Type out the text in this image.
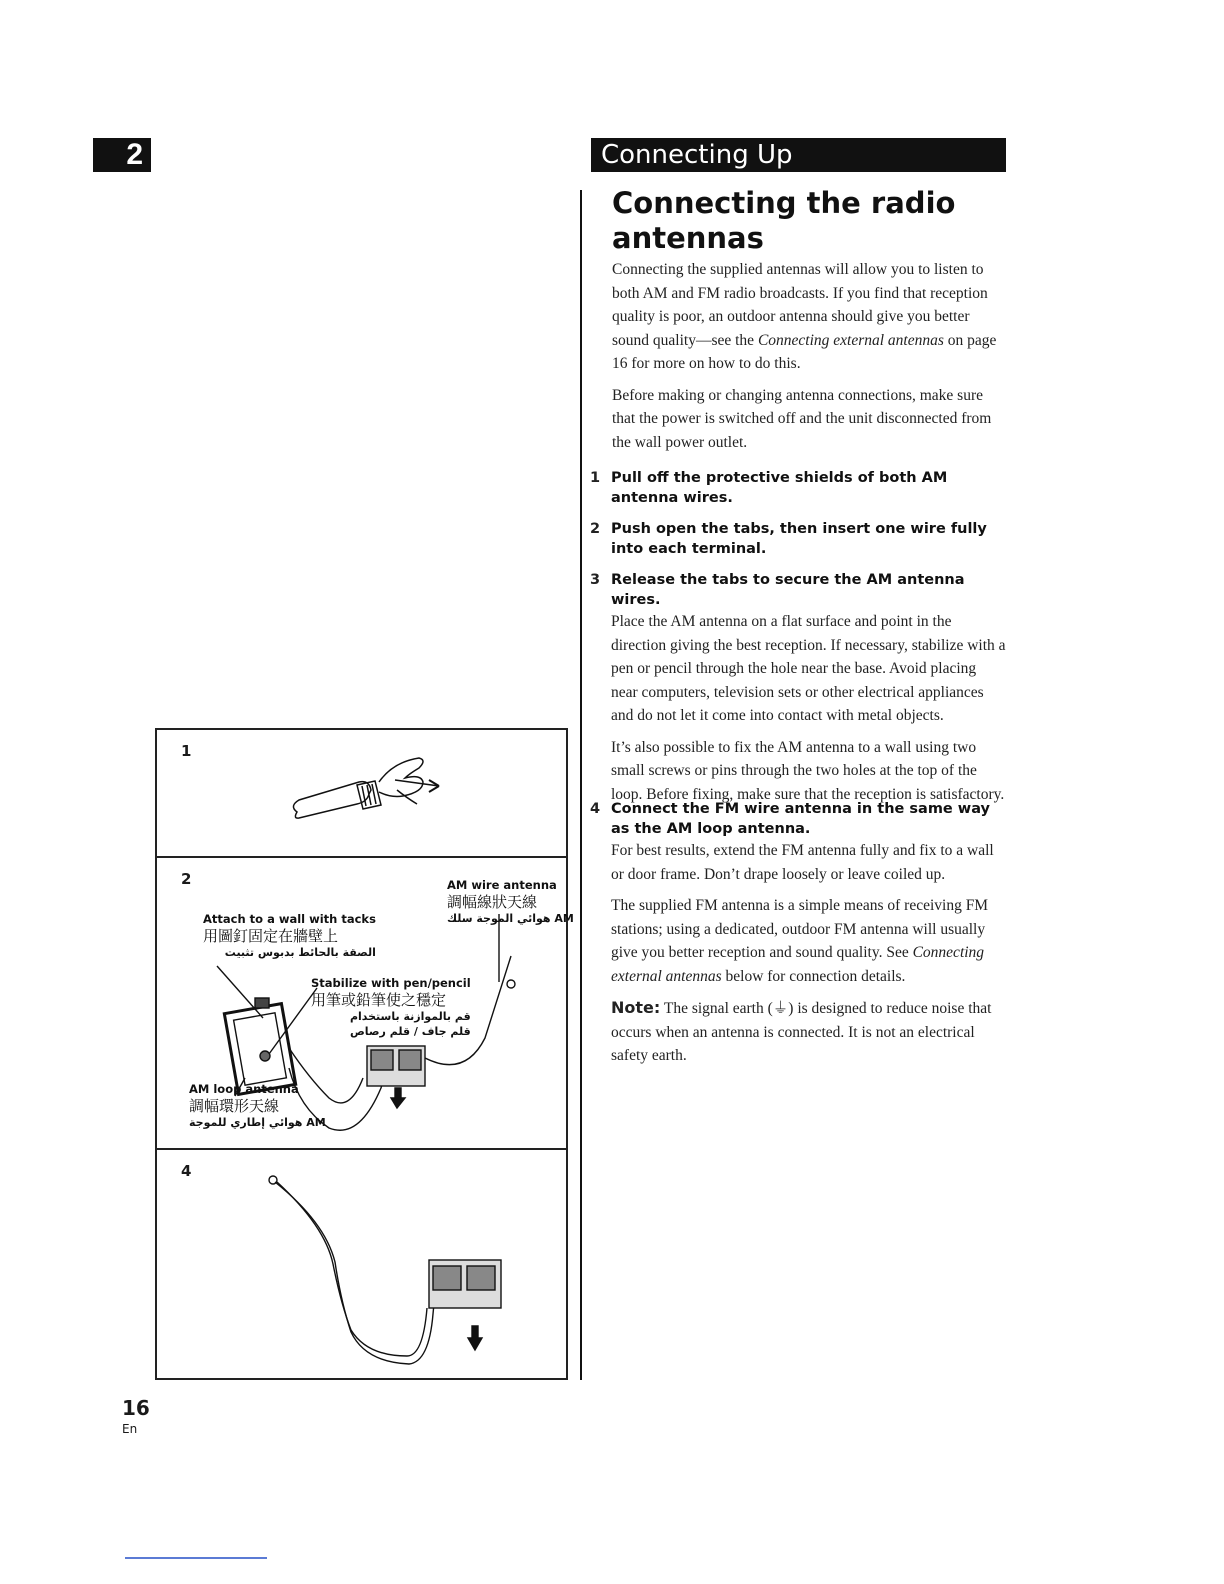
2	Connecting Up
Connecting the radio
antennas

Connecting the supplied antennas will allow you to listen to both AM and FM radio broadcasts. If you find that reception quality is poor, an outdoor antenna should give you better sound quality—see the Connecting external antennas on page 16 for more on how to do this.

Before making or changing antenna connections, make sure that the power is switched off and the unit disconnected from the wall power outlet.

1 Pull off the protective shields of both AM antenna wires.
2 Push open the tabs, then insert one wire fully into each terminal.
3 Release the tabs to secure the AM antenna wires.

Place the AM antenna on a flat surface and point in the direction giving the best reception. If necessary, stabilize with a pen or pencil through the hole near the base. Avoid placing near computers, television sets or other electrical appliances and do not let it come into contact with metal objects.

It’s also possible to fix the AM antenna to a wall using two small screws or pins through the two holes at the top of the loop. Before fixing, make sure that the reception is satisfactory.

4 Connect the FM wire antenna in the same way as the AM loop antenna.

For best results, extend the FM antenna fully and fix to a wall or door frame. Don’t drape loosely or leave coiled up.

The supplied FM antenna is a simple means of receiving FM stations; using a dedicated, outdoor FM antenna will usually give you better reception and sound quality. See Connecting external antennas below for connection details.

Note: The signal earth (⏚) is designed to reduce noise that occurs when an antenna is connected. It is not an electrical safety earth.

1
2	AM wire antenna
調幅線狀天線
AM هوائي الموجة سلك
Attach to a wall with tacks
用圖釘固定在牆壁上
الصقة بالحائط بدبوس تثبيت
Stabilize with pen/pencil
用筆或鉛筆使之穩定
قم بالموازنة باستخدام
قلم جاف / قلم رصاص
AM loop antenna
調幅環形天線
AM هوائي إطاري للموجة
4
16
En
